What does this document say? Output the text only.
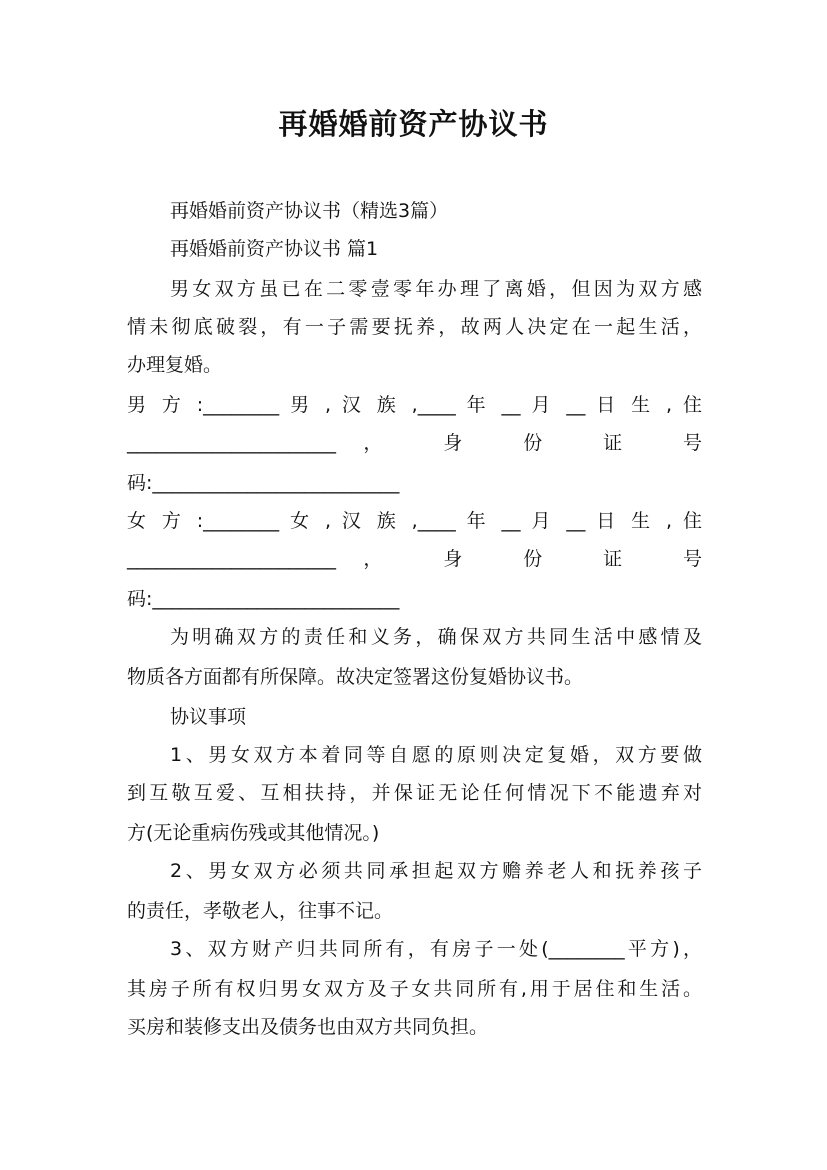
再婚婚前资产协议书
再婚婚前资产协议书（精选3篇）
再婚婚前资产协议书 篇1
男女双方虽已在二零壹零年办理了离婚，但因为双方感
情未彻底破裂，有一子需要抚养，故两人决定在一起生活，
办理复婚。
男 方 :________ 男 , 汉 族 ,____ 年 __ 月 __ 日 生 , 住
______________________， 身 份 证 号
码:__________________________
女 方 :________ 女 , 汉 族 ,____ 年 __ 月 __ 日 生 , 住
______________________， 身 份 证 号
码:__________________________
为明确双方的责任和义务，确保双方共同生活中感情及
物质各方面都有所保障。故决定签署这份复婚协议书。
协议事项
1、男女双方本着同等自愿的原则决定复婚，双方要做
到互敬互爱、互相扶持，并保证无论任何情况下不能遗弃对
方(无论重病伤残或其他情况。)
2、男女双方必须共同承担起双方赡养老人和抚养孩子
的责任，孝敬老人，往事不记。
3、双方财产归共同所有，有房子一处(________平方)，
其房子所有权归男女双方及子女共同所有,用于居住和生活。
买房和装修支出及债务也由双方共同负担。
